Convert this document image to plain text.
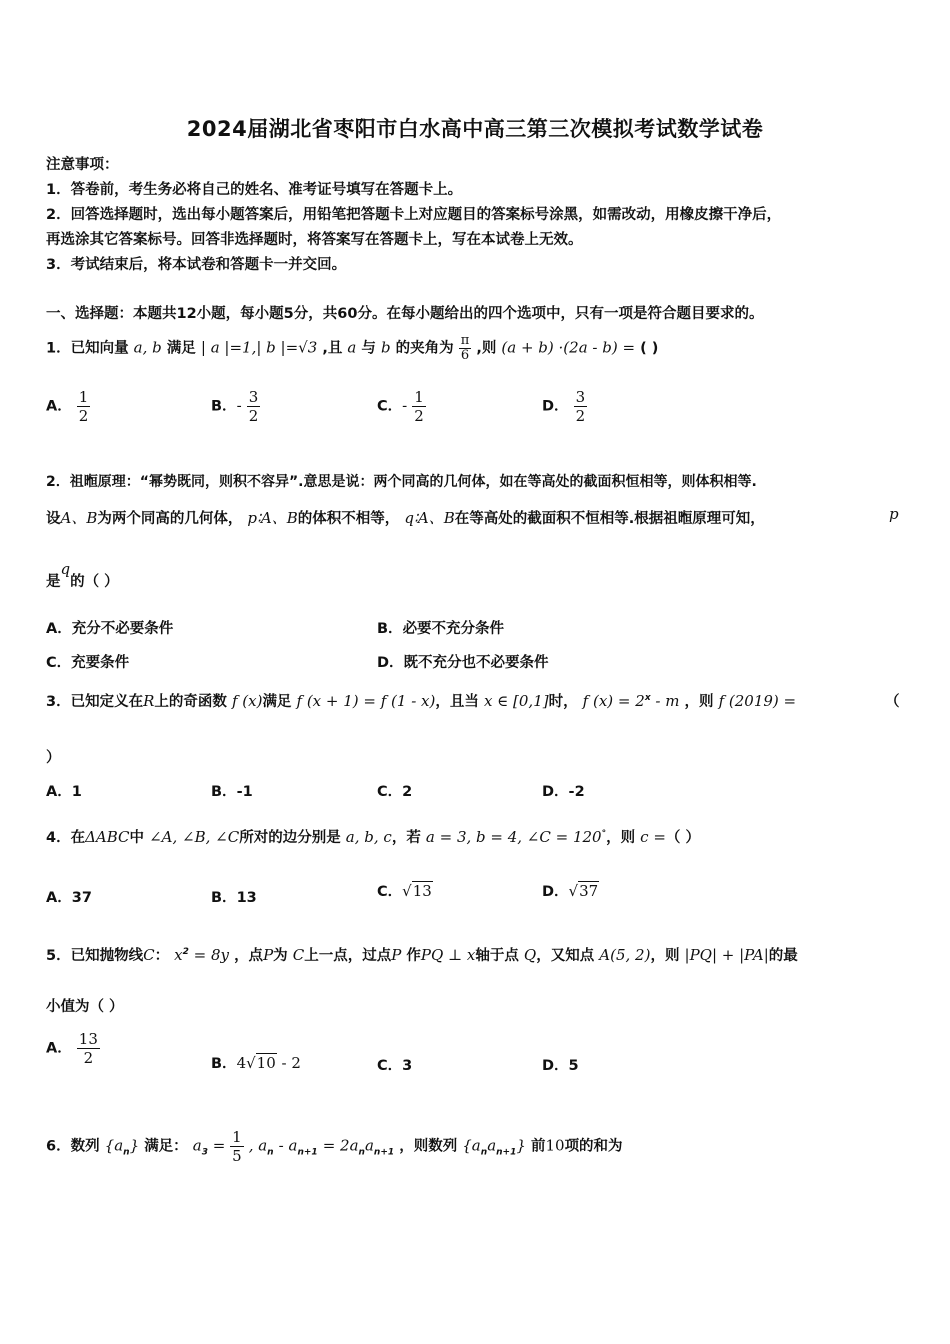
2024届湖北省枣阳市白水高中高三第三次模拟考试数学试卷
注意事项：
1．答卷前，考生务必将自己的姓名、准考证号填写在答题卡上。
2．回答选择题时，选出每小题答案后，用铅笔把答题卡上对应题目的答案标号涂黑，如需改动，用橡皮擦干净后，
再选涂其它答案标号。回答非选择题时，将答案写在答题卡上，写在本试卷上无效。
3．考试结束后，将本试卷和答题卡一并交回。
一、选择题：本题共12小题，每小题5分，共60分。在每小题给出的四个选项中，只有一项是符合题目要求的。
1．已知向量 a, b 满足 | a |=1,| b |=√3 ,且 a 与 b 的夹角为 $\frac{\pi}{6}$ ,则 (a + b) ·(2a - b) = ( )
A． $\frac{1}{2}$	B．- $\frac{3}{2}$	C．- $\frac{1}{2}$	D． $\frac{3}{2}$
2．祖暅原理：“幂势既同，则积不容异”.意思是说：两个同高的几何体，如在等高处的截面积恒相等，则体积相等.
设A、B为两个同高的几何体， p∶A、B的体积不相等， q∶A、B在等高处的截面积不恒相等.根据祖暅原理可知，	p
是q的（ ）
A．充分不必要条件	B．必要不充分条件
C．充要条件	D．既不充分也不必要条件
3．已知定义在R上的奇函数 f (x)满足 f (x + 1) = f (1 - x)，且当 x ∈ [0,1]时， f $(x) = 2^x - m$ ，则 f (2019) =	（
）
A．1	B．-1	C．2	D．-2
4．在ΔABC中 ∠A, ∠B, ∠C所对的边分别是 a, b, c，若 a = 3, b = 4, ∠C = 120°，则 c =（ ）
A．37	B．13	C．√13	D．√37
5．已知抛物线C： $x^2 = 8y$ ，点P为 C上一点，过点P 作PQ ⊥ x轴于点 Q，又知点 A(5, 2)，则 |PQ| + |PA|的最
小值为（ ）
A． $\frac{13}{2}$	B．4√10 - 2	C．3	D．5
6．数列 $\{a_n\}$ 满足： $a_3 = \frac{1}{5}$ , $a_n - a_{n+1} = 2a_na_{n+1}$ ，则数列 $\{a_na_{n+1}\}$ 前10项的和为
